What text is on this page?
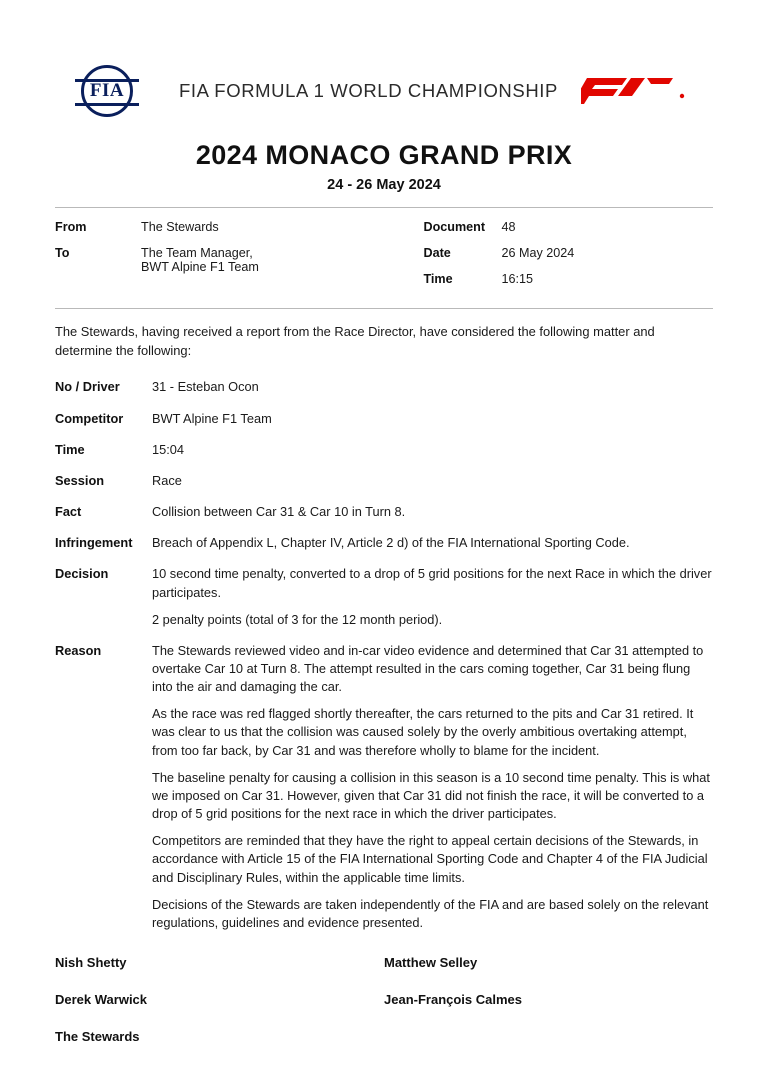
FIA	FIA FORMULA 1 WORLD CHAMPIONSHIP
2024 MONACO GRAND PRIX
24 - 26 May 2024
From	The Stewards
To	The Team Manager,
BWT Alpine F1 Team
Document	48
Date	26 May 2024
Time	16:15
The Stewards, having received a report from the Race Director, have considered the following matter and determine the following:
No / Driver	31 - Esteban Ocon

Competitor	BWT Alpine F1 Team

Time	15:04

Session	Race

Fact	Collision between Car 31 & Car 10 in Turn 8.

Infringement	Breach of Appendix L, Chapter IV, Article 2 d) of the FIA International Sporting Code.

Decision	10 second time penalty, converted to a drop of 5 grid positions for the next Race in which the driver participates.

2 penalty points (total of 3 for the 12 month period).

Reason	The Stewards reviewed video and in-car video evidence and determined that Car 31 attempted to overtake Car 10 at Turn 8. The attempt resulted in the cars coming together, Car 31 being flung into the air and damaging the car.

As the race was red flagged shortly thereafter, the cars returned to the pits and Car 31 retired. It was clear to us that the collision was caused solely by the overly ambitious overtaking attempt, from too far back, by Car 31 and was therefore wholly to blame for the incident.

The baseline penalty for causing a collision in this season is a 10 second time penalty. This is what we imposed on Car 31. However, given that Car 31 did not finish the race, it will be converted to a drop of 5 grid positions for the next race in which the driver participates.

Competitors are reminded that they have the right to appeal certain decisions of the Stewards, in accordance with Article 15 of the FIA International Sporting Code and Chapter 4 of the FIA Judicial and Disciplinary Rules, within the applicable time limits.

Decisions of the Stewards are taken independently of the FIA and are based solely on the relevant regulations, guidelines and evidence presented.

Nish Shetty	Matthew Selley
Derek Warwick	Jean-François Calmes
The Stewards
